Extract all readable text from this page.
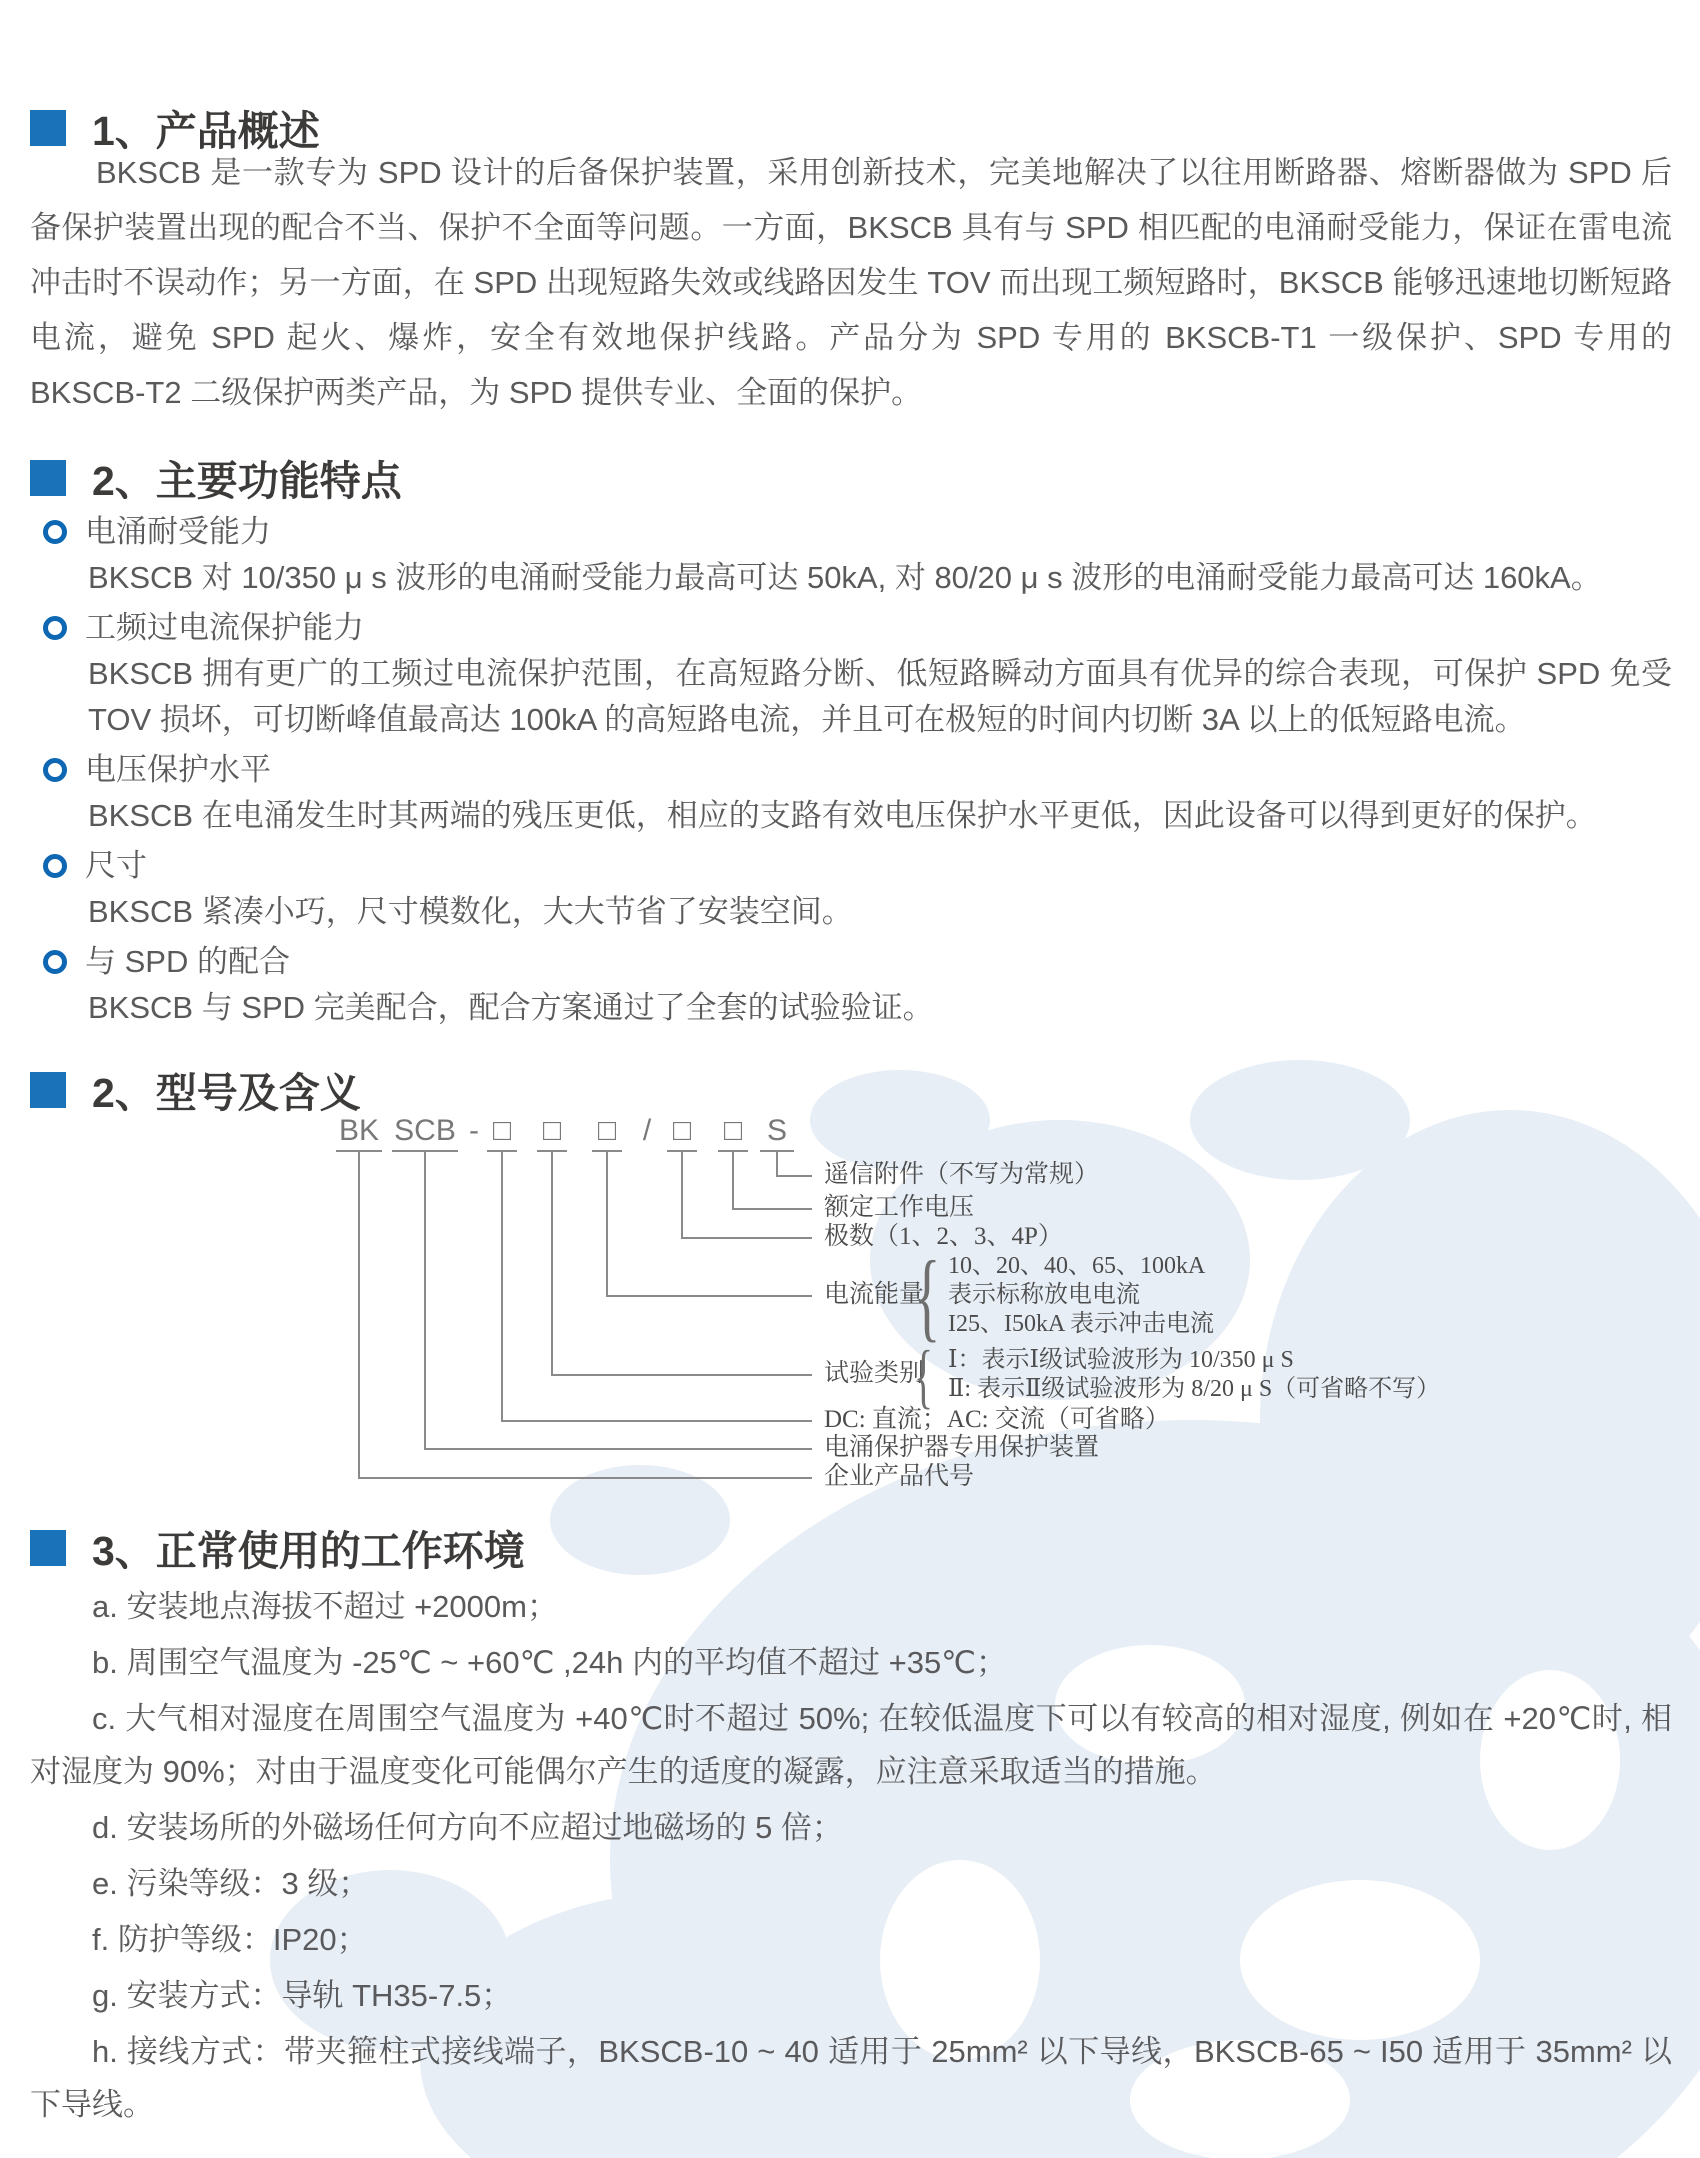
1、产品概述
BKSCB 是一款专为 SPD 设计的后备保护装置，采用创新技术，完美地解决了以往用断路器、熔断器做为 SPD 后备保护装置出现的配合不当、保护不全面等问题。一方面，BKSCB 具有与 SPD 相匹配的电涌耐受能力，保证在雷电流冲击时不误动作；另一方面，在 SPD 出现短路失效或线路因发生 TOV 而出现工频短路时，BKSCB 能够迅速地切断短路电流，避免 SPD 起火、爆炸，安全有效地保护线路。产品分为 SPD 专用的 BKSCB-T1 一级保护、SPD 专用的 BKSCB-T2 二级保护两类产品，为 SPD 提供专业、全面的保护。
2、主要功能特点
电涌耐受能力
BKSCB 对 10/350 μ s 波形的电涌耐受能力最高可达 50kA, 对 80/20 μ s 波形的电涌耐受能力最高可达 160kA。
工频过电流保护能力
BKSCB 拥有更广的工频过电流保护范围，在高短路分断、低短路瞬动方面具有优异的综合表现，可保护 SPD 免受 TOV 损坏，可切断峰值最高达 100kA 的高短路电流，并且可在极短的时间内切断 3A 以上的低短路电流。
电压保护水平
BKSCB 在电涌发生时其两端的残压更低，相应的支路有效电压保护水平更低，因此设备可以得到更好的保护。
尺寸
BKSCB 紧凑小巧，尺寸模数化，大大节省了安装空间。
与 SPD 的配合
BKSCB 与 SPD 完美配合，配合方案通过了全套的试验验证。
2、型号及含义
BK SCB - □ □ □ / □ □ S
遥信附件（不写为常规）
额定工作电压
极数（1、2、3、4P）
电流能量
{ 10、20、40、65、100kA
表示标称放电电流
I25、I50kA 表示冲击电流
试验类别
{ Ⅰ：表示Ⅰ级试验波形为 10/350 μ S
Ⅱ: 表示Ⅱ级试验波形为 8/20 μ S（可省略不写）
DC: 直流；AC: 交流（可省略）
电涌保护器专用保护装置
企业产品代号
3、正常使用的工作环境
a. 安装地点海拔不超过 +2000m；
b. 周围空气温度为 -25℃ ~ +60℃ ,24h 内的平均值不超过 +35℃；
c. 大气相对湿度在周围空气温度为 +40℃时不超过 50%; 在较低温度下可以有较高的相对湿度, 例如在 +20℃时, 相对湿度为 90%；对由于温度变化可能偶尔产生的适度的凝露，应注意采取适当的措施。
d. 安装场所的外磁场任何方向不应超过地磁场的 5 倍；
e. 污染等级：3 级；
f. 防护等级：IP20；
g. 安装方式：导轨 TH35-7.5；
h. 接线方式：带夹箍柱式接线端子，BKSCB-10 ~ 40 适用于 25mm² 以下导线，BKSCB-65 ~ I50 适用于 35mm² 以下导线。
